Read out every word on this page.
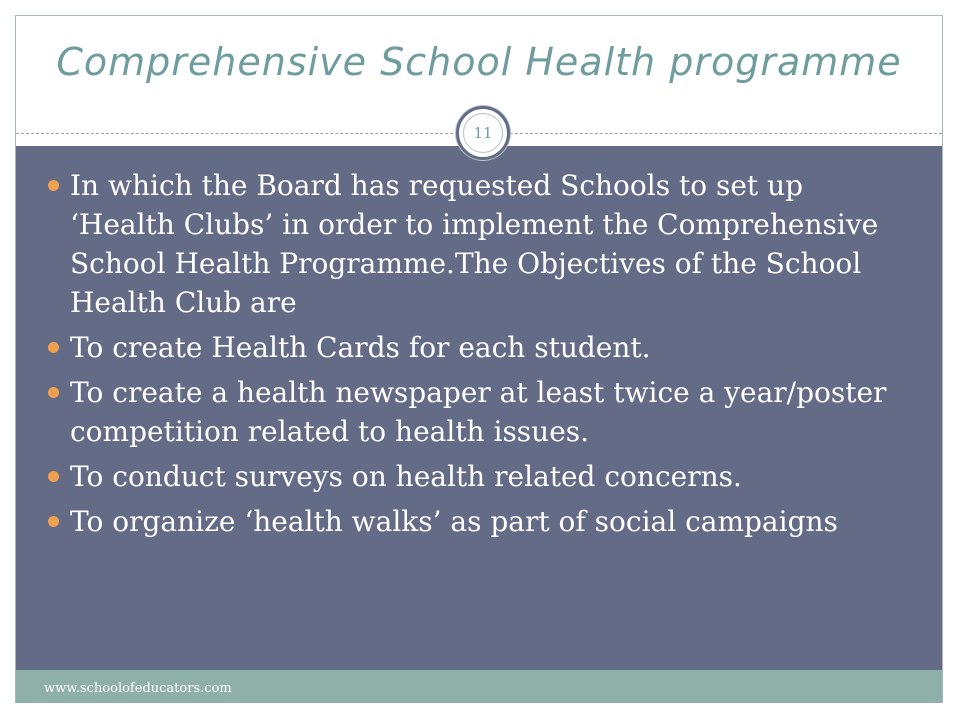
Comprehensive School Health programme
11
In which the Board has requested Schools to set up ‘Health Clubs’ in order to implement the Comprehensive School Health Programme.The Objectives of the School Health Club are
To create Health Cards for each student.
To create a health newspaper at least twice a year/poster competition related to health issues.
To conduct surveys on health related concerns.
To organize ‘health walks’ as part of social campaigns
www.schoolofeducators.com
